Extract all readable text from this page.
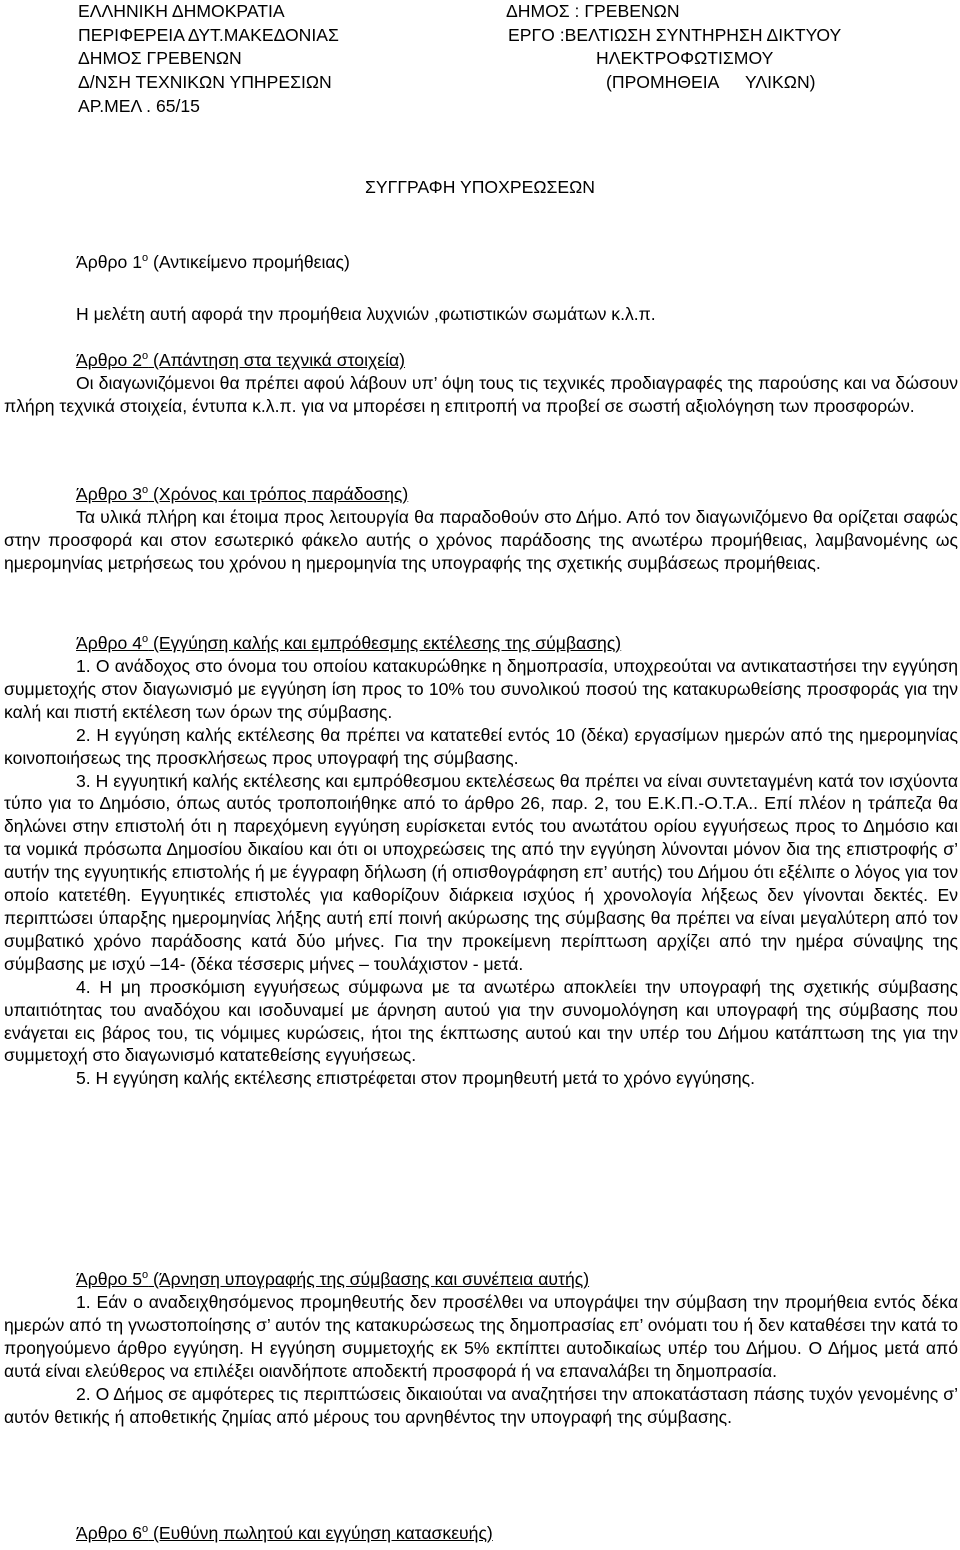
ΕΛΛΗΝΙΚΗ ΔΗΜΟΚΡΑΤΙΑ
ΠΕΡΙΦΕΡΕΙΑ ΔΥΤ.ΜΑΚΕΔΟΝΙΑΣ
ΔΗΜΟΣ ΓΡΕΒΕΝΩΝ
Δ/ΝΣΗ ΤΕΧΝΙΚΩΝ ΥΠΗΡΕΣΙΩΝ
ΑΡ.ΜΕΛ . 65/15
ΔΗΜΟΣ : ΓΡΕΒΕΝΩΝ
ΕΡΓΟ :ΒΕΛΤΙΩΣΗ ΣΥΝΤΗΡΗΣΗ ΔΙΚΤΥΟΥ
ΗΛΕΚΤΡΟΦΩΤΙΣΜΟΥ
(ΠΡΟΜΗΘΕΙΑ ΥΛΙΚΩΝ)
ΣΥΓΓΡΑΦΗ ΥΠΟΧΡΕΩΣΕΩΝ
Άρθρο $1^o$ (Αντικείμενο προμήθειας)
Η μελέτη αυτή αφορά την προμήθεια λυχνιών ,φωτιστικών σωμάτων κ.λ.π.
Άρθρο $2^o$ (Απάντηση στα τεχνικά στοιχεία)

Οι διαγωνιζόμενοι θα πρέπει αφού λάβουν υπ’ όψη τους τις τεχνικές προδιαγραφές της παρούσης και να δώσουν πλήρη τεχνικά στοιχεία, έντυπα κ.λ.π. για να μπορέσει η επιτροπή να προβεί σε σωστή αξιολόγηση των προσφορών.

Άρθρο $3^o$ (Χρόνος και τρόπος παράδοσης)

Τα υλικά πλήρη και έτοιμα προς λειτουργία θα παραδοθούν στο Δήμο. Από τον διαγωνιζόμενο θα ορίζεται σαφώς στην προσφορά και στον εσωτερικό φάκελο αυτής ο χρόνος παράδοσης της ανωτέρω προμήθειας, λαμβανομένης ως ημερομηνίας μετρήσεως του χρόνου η ημερομηνία της υπογραφής της σχετικής συμβάσεως προμήθειας.

Άρθρο $4^o$ (Εγγύηση καλής και εμπρόθεσμης εκτέλεσης της σύμβασης)

1. Ο ανάδοχος στο όνομα του οποίου κατακυρώθηκε η δημοπρασία, υποχρεούται να αντικαταστήσει την εγγύηση συμμετοχής στον διαγωνισμό με εγγύηση ίση προς το 10% του συνολικού ποσού της κατακυρωθείσης προσφοράς για την καλή και πιστή εκτέλεση των όρων της σύμβασης.

2. Η εγγύηση καλής εκτέλεσης θα πρέπει να κατατεθεί εντός 10 (δέκα) εργασίμων ημερών από της ημερομηνίας κοινοποιήσεως της προσκλήσεως προς υπογραφή της σύμβασης.

3. Η εγγυητική καλής εκτέλεσης και εμπρόθεσμου εκτελέσεως θα πρέπει να είναι συντεταγμένη κατά τον ισχύοντα τύπο για το Δημόσιο, όπως αυτός τροποποιήθηκε από το άρθρο 26, παρ. 2, του Ε.Κ.Π.-Ο.Τ.Α.. Επί πλέον η τράπεζα θα δηλώνει στην επιστολή ότι η παρεχόμενη εγγύηση ευρίσκεται εντός του ανωτάτου ορίου εγγυήσεως προς το Δημόσιο και τα νομικά πρόσωπα Δημοσίου δικαίου και ότι οι υποχρεώσεις της από την εγγύηση λύνονται μόνον δια της επιστροφής σ’ αυτήν της εγγυητικής επιστολής ή με έγγραφη δήλωση (ή οπισθογράφηση επ’ αυτής) του Δήμου ότι εξέλιπε ο λόγος για τον οποίο κατετέθη. Εγγυητικές επιστολές για καθορίζουν διάρκεια ισχύος ή χρονολογία λήξεως δεν γίνονται δεκτές. Εν περιπτώσει ύπαρξης ημερομηνίας λήξης αυτή επί ποινή ακύρωσης της σύμβασης θα πρέπει να είναι μεγαλύτερη από τον συμβατικό χρόνο παράδοσης κατά δύο μήνες. Για την προκείμενη περίπτωση αρχίζει από την ημέρα σύναψης της σύμβασης με ισχύ –14- (δέκα τέσσερις μήνες – τουλάχιστον - μετά.

4. Η μη προσκόμιση εγγυήσεως σύμφωνα με τα ανωτέρω αποκλείει την υπογραφή της σχετικής σύμβασης υπαιτιότητας του αναδόχου και ισοδυναμεί με άρνηση αυτού για την συνομολόγηση και υπογραφή της σύμβασης που ενάγεται εις βάρος του, τις νόμιμες κυρώσεις, ήτοι της έκπτωσης αυτού και την υπέρ του Δήμου κατάπτωση της για την συμμετοχή στο διαγωνισμό κατατεθείσης εγγυήσεως.

5. Η εγγύηση καλής εκτέλεσης επιστρέφεται στον προμηθευτή μετά το χρόνο εγγύησης.

Άρθρο $5^o$ (Άρνηση υπογραφής της σύμβασης και συνέπεια αυτής)

1. Εάν ο αναδειχθησόμενος προμηθευτής δεν προσέλθει να υπογράψει την σύμβαση την προμήθεια εντός δέκα ημερών από τη γνωστοποίησης σ’ αυτόν της κατακυρώσεως της δημοπρασίας επ’ ονόματι του ή δεν καταθέσει την κατά το προηγούμενο άρθρο εγγύηση. Η εγγύηση συμμετοχής εκ 5% εκπίπτει αυτοδικαίως υπέρ του Δήμου. Ο Δήμος μετά από αυτά είναι ελεύθερος να επιλέξει οιανδήποτε αποδεκτή προσφορά ή να επαναλάβει τη δημοπρασία.

2. Ο Δήμος σε αμφότερες τις περιπτώσεις δικαιούται να αναζητήσει την αποκατάσταση πάσης τυχόν γενομένης σ’ αυτόν θετικής ή αποθετικής ζημίας από μέρους του αρνηθέντος την υπογραφή της σύμβασης.

Άρθρο $6^o$ (Ευθύνη πωλητού και εγγύηση κατασκευής)
